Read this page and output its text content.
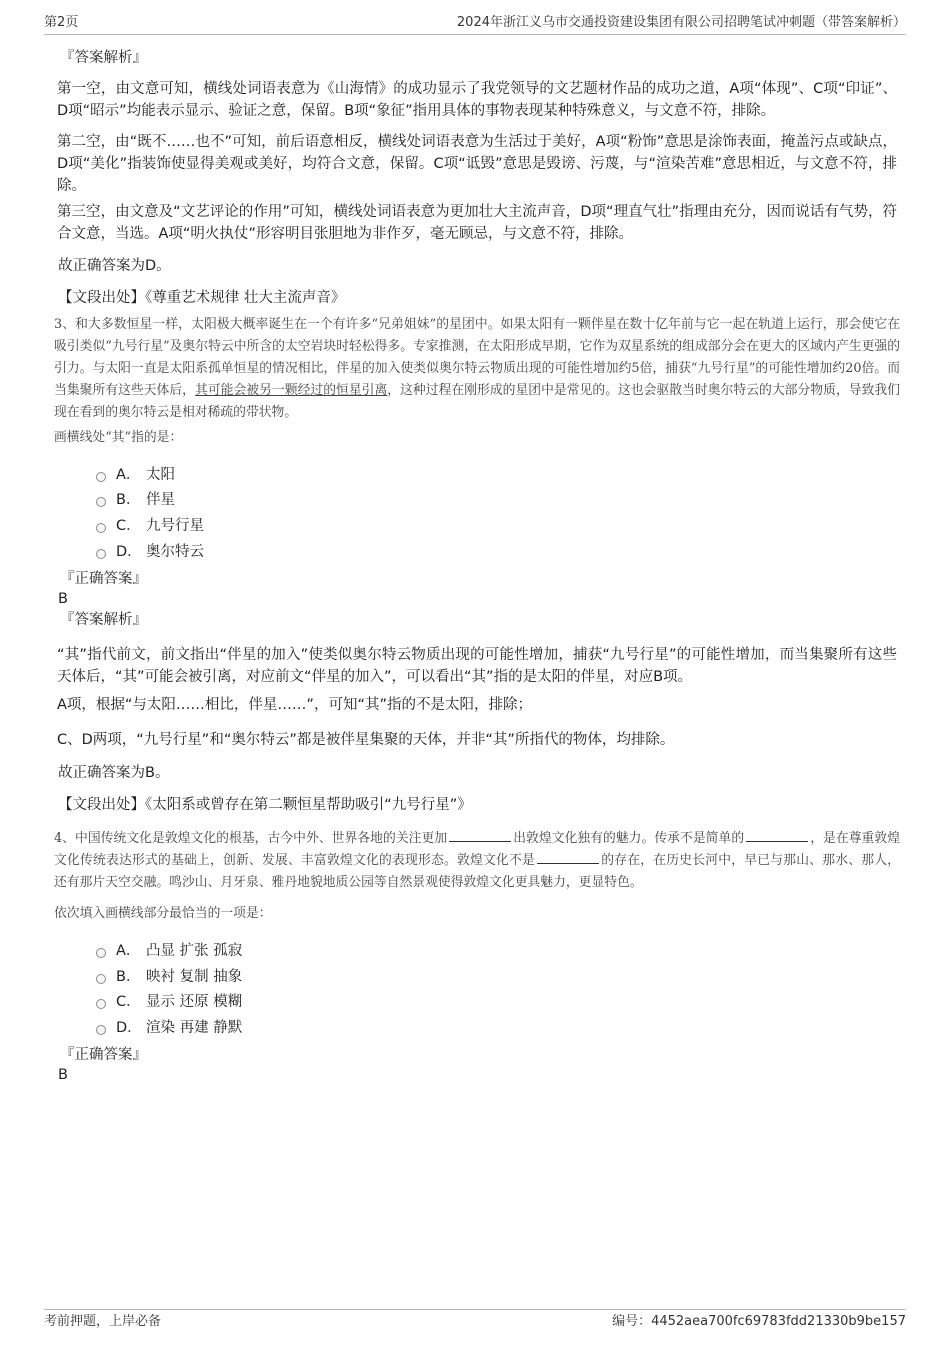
第2页	2024年浙江义乌市交通投资建设集团有限公司招聘笔试冲刺题（带答案解析）
『答案解析』

第一空，由文意可知，横线处词语表意为《山海情》的成功显示了我党领导的文艺题材作品的成功之道，A项“体现”、C项“印证”、D项“昭示”均能表示显示、验证之意，保留。B项“象征”指用具体的事物表现某种特殊意义，与文意不符，排除。

第二空，由“既不……也不”可知，前后语意相反，横线处词语表意为生活过于美好，A项“粉饰”意思是涂饰表面，掩盖污点或缺点，D项“美化”指装饰使显得美观或美好，均符合文意，保留。C项“诋毁”意思是毁谤、污蔑，与“渲染苦难”意思相近，与文意不符，排除。

第三空，由文意及“文艺评论的作用”可知，横线处词语表意为更加壮大主流声音，D项“理直气壮”指理由充分，因而说话有气势，符合文意，当选。A项“明火执仗”形容明目张胆地为非作歹，毫无顾忌，与文意不符，排除。

故正确答案为D。
【文段出处】《尊重艺术规律 壮大主流声音》

3、和大多数恒星一样，太阳极大概率诞生在一个有许多“兄弟姐妹”的星团中。如果太阳有一颗伴星在数十亿年前与它一起在轨道上运行，那会使它在吸引类似“九号行星”及奥尔特云中所含的太空岩块时轻松得多。专家推测，在太阳形成早期，它作为双星系统的组成部分会在更大的区域内产生更强的引力。与太阳一直是太阳系孤单恒星的情况相比，伴星的加入使类似奥尔特云物质出现的可能性增加约5倍，捕获“九号行星”的可能性增加约20倍。而当集聚所有这些天体后，其可能会被另一颗经过的恒星引离，这种过程在刚形成的星团中是常见的。这也会驱散当时奥尔特云的大部分物质，导致我们现在看到的奥尔特云是相对稀疏的带状物。

画横线处“其”指的是：
A． 太阳
B． 伴星
C． 九号行星
D． 奥尔特云
『正确答案』
B
『答案解析』

“其”指代前文，前文指出“伴星的加入”使类似奥尔特云物质出现的可能性增加，捕获“九号行星”的可能性增加，而当集聚所有这些天体后，“其”可能会被引离，对应前文“伴星的加入”，可以看出“其”指的是太阳的伴星，对应B项。

A项，根据“与太阳……相比，伴星……”，可知“其”指的不是太阳，排除；

C、D两项，“九号行星”和“奥尔特云”都是被伴星集聚的天体，并非“其”所指代的物体，均排除。

故正确答案为B。
【文段出处】《太阳系或曾存在第二颗恒星帮助吸引“九号行星”》

4、中国传统文化是敦煌文化的根基，古今中外、世界各地的关注更加	出敦煌文化独有的魅力。传承不是简单的	，是在尊重敦煌文化传统表达形式的基础上，创新、发展、丰富敦煌文化的表现形态。敦煌文化不是	的存在，在历史长河中，早已与那山、那水、那人，还有那片天空交融。鸣沙山、月牙泉、雅丹地貌地质公园等自然景观使得敦煌文化更具魅力，更显特色。

依次填入画横线部分最恰当的一项是：
A． 凸显 扩张 孤寂
B． 映衬 复制 抽象
C． 显示 还原 模糊
D． 渲染 再建 静默
『正确答案』
B
考前押题，上岸必备	编号：4452aea700fc69783fdd21330b9be157
